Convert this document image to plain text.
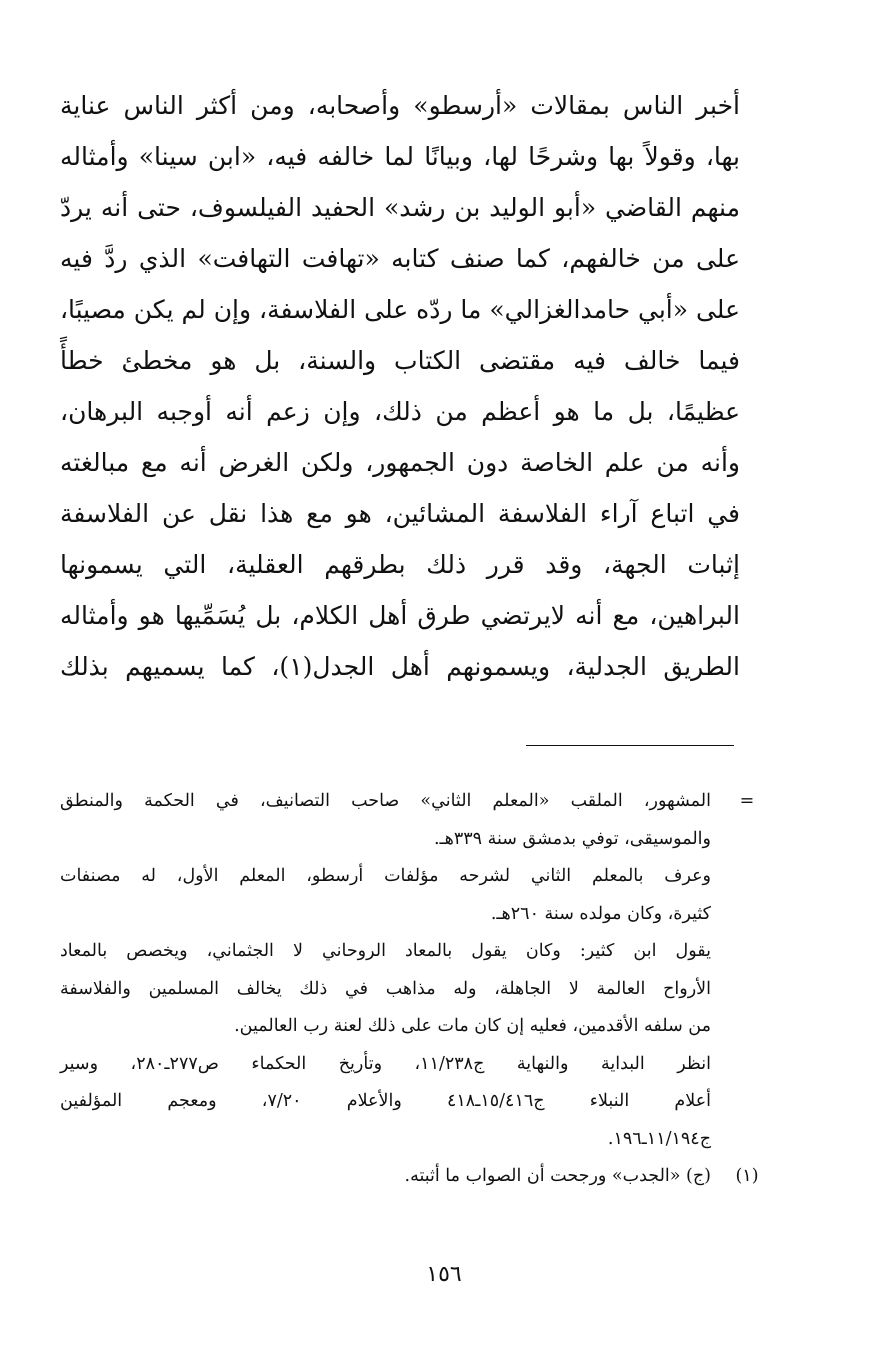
أخبر الناس بمقالات «أرسطو» وأصحابه، ومن أكثر الناس عناية
بها، وقولاً بها وشرحًا لها، وبيانًا لما خالفه فيه، «ابن سينا» وأمثاله
منهم القاضي «أبو الوليد بن رشد» الحفيد الفيلسوف، حتى أنه يردّ
على من خالفهم، كما صنف كتابه «تهافت التهافت» الذي ردَّ فيه
على «أبي حامدالغزالي» ما ردّه على الفلاسفة، وإن لم يكن مصيبًا،
فيما خالف فيه مقتضى الكتاب والسنة، بل هو مخطئ خطأً
عظيمًا، بل ما هو أعظم من ذلك، وإن زعم أنه أوجبه البرهان،
وأنه من علم الخاصة دون الجمهور، ولكن الغرض أنه مع مبالغته
في اتباع آراء الفلاسفة المشائين، هو مع هذا نقل عن الفلاسفة
إثبات الجهة، وقد قرر ذلك بطرقهم العقلية، التي يسمونها
البراهين، مع أنه لايرتضي طرق أهل الكلام، بل يُسَمِّيها هو وأمثاله
الطريق الجدلية، ويسمونهم أهل الجدل(١)، كما يسميهم بذلك
=
المشهور، الملقب «المعلم الثاني» صاحب التصانيف، في الحكمة والمنطق
والموسيقى، توفي بدمشق سنة ٣٣٩هـ.
وعرف بالمعلم الثاني لشرحه مؤلفات أرسطو، المعلم الأول، له مصنفات
كثيرة، وكان مولده سنة ٢٦٠هـ.
يقول ابن كثير: وكان يقول بالمعاد الروحاني لا الجثماني، ويخصص بالمعاد
الأرواح العالمة لا الجاهلة، وله مذاهب في ذلك يخالف المسلمين والفلاسفة
من سلفه الأقدمين، فعليه إن كان مات على ذلك لعنة رب العالمين.
انظر البداية والنهاية ج١١/٢٣٨، وتأريخ الحكماء ص٢٧٧ـ٢٨٠، وسير
أعلام النبلاء ج١٥/٤١٦ـ٤١٨ والأعلام ٧/٢٠، ومعجم المؤلفين
ج١١/١٩٤ـ١٩٦.
(١)
(ج) «الجدب» ورجحت أن الصواب ما أثبته.
١٥٦
